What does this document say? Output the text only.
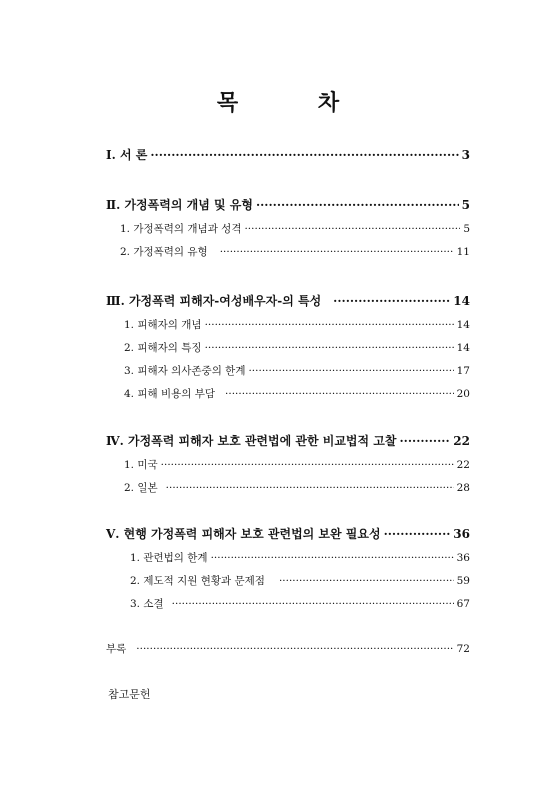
목 차
Ⅰ. 서 론 ·····	3
Ⅱ. 가정폭력의 개념 및 유형 ·····	5
1. 가정폭력의 개념과 성격 ·····	5
2. 가정폭력의 유형 ·····	11
Ⅲ. 가정폭력 피해자-여성배우자-의 특성 ·····	14
1. 피해자의 개념 ·····	14
2. 피해자의 특징 ·····	14
3. 피해자 의사존중의 한계 ·····	17
4. 피해 비용의 부담 ·····	20
Ⅳ. 가정폭력 피해자 보호 관련법에 관한 비교법적 고찰 ·····	22
1. 미국 ·····	22
2. 일본 ·····	28
Ⅴ. 현행 가정폭력 피해자 보호 관련법의 보완 필요성 ·····	36
1. 관련법의 한계 ·····	36
2. 제도적 지원 현황과 문제점 ·····	59
3. 소결 ·····	67
부록 ·····	72
참고문헌
